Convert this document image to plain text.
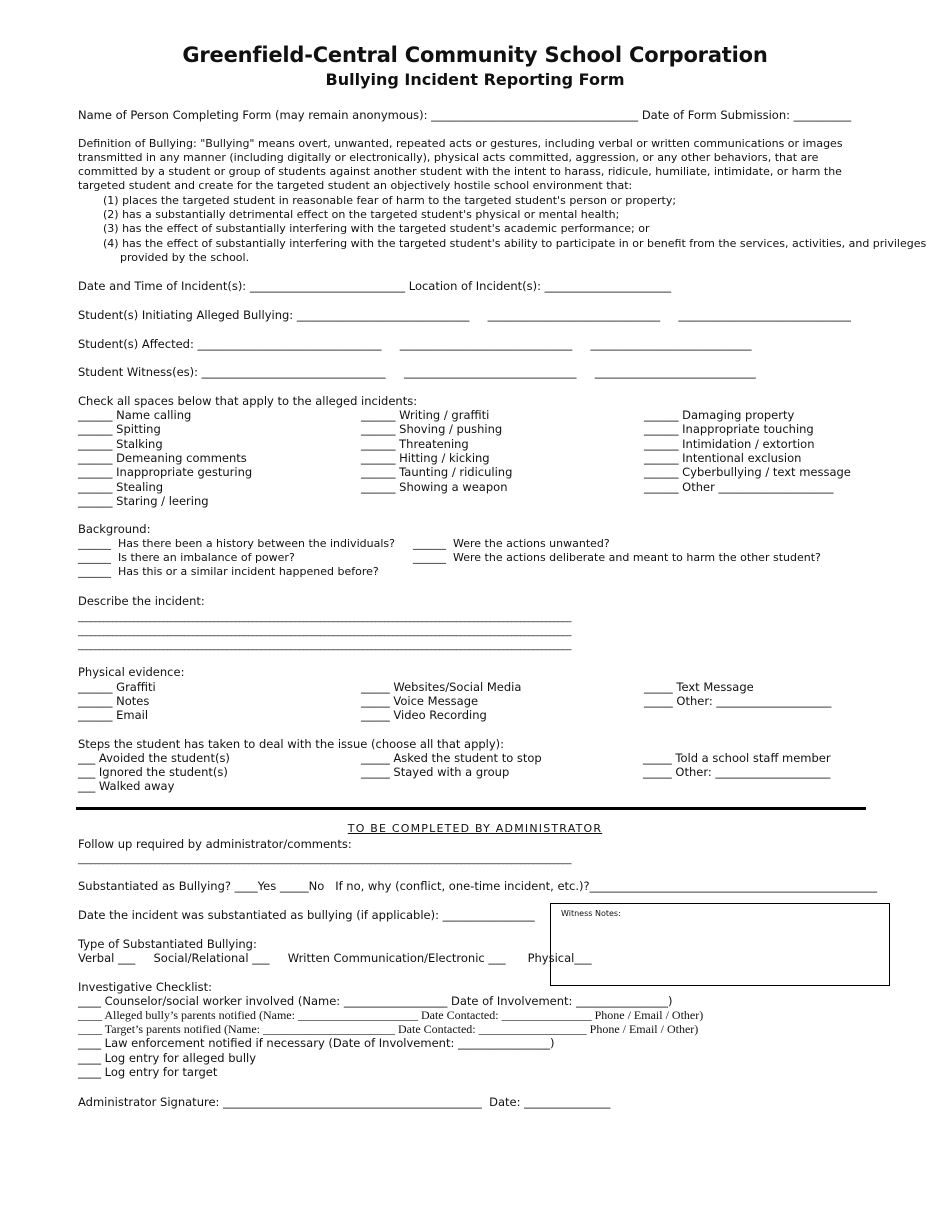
Greenfield-Central Community School Corporation
Bullying Incident Reporting Form
Name of Person Completing Form (may remain anonymous): ____________________________________ Date of Form Submission: __________
Definition of Bullying: "Bullying" means overt, unwanted, repeated acts or gestures, including verbal or written communications or images transmitted in any manner (including digitally or electronically), physical acts committed, aggression, or any other behaviors, that are committed by a student or group of students against another student with the intent to harass, ridicule, humiliate, intimidate, or harm the targeted student and create for the targeted student an objectively hostile school environment that:
(1) places the targeted student in reasonable fear of harm to the targeted student's person or property;
(2) has a substantially detrimental effect on the targeted student's physical or mental health;
(3) has the effect of substantially interfering with the targeted student's academic performance; or
(4) has the effect of substantially interfering with the targeted student's ability to participate in or benefit from the services, activities, and privileges
provided by the school.
Date and Time of Incident(s): ___________________________ Location of Incident(s): ______________________
Student(s) Initiating Alleged Bullying: ______________________________     ______________________________     ______________________________
Student(s) Affected: ________________________________     ______________________________     ____________________________
Student Witness(es): ________________________________     ______________________________     ____________________________
Check all spaces below that apply to the alleged incidents:
______ Name calling
______ Spitting
______ Stalking
______ Demeaning comments
______ Inappropriate gesturing
______ Stealing
______ Staring / leering
______ Writing / graffiti
______ Shoving / pushing
______ Threatening
______ Hitting / kicking
______ Taunting / ridiculing
______ Showing a weapon
______ Damaging property
______ Inappropriate touching
______ Intimidation / extortion
______ Intentional exclusion
______ Cyberbullying / text message
______ Other ____________________
Background:
______  Has there been a history between the individuals?
______  Is there an imbalance of power?
______  Has this or a similar incident happened before?
______  Were the actions unwanted?
______  Were the actions deliberate and meant to harm the other student?
Describe the incident:
____________________________________________________________________________________________________________________
____________________________________________________________________________________________________________________
____________________________________________________________________________________________________________________
Physical evidence:
______ Graffiti
______ Notes
______ Email
_____ Websites/Social Media
_____ Voice Message
_____ Video Recording
_____ Text Message
_____ Other: ____________________
Steps the student has taken to deal with the issue (choose all that apply):
___ Avoided the student(s)
___ Ignored the student(s)
___ Walked away
_____ Asked the student to stop
_____ Stayed with a group
_____ Told a school staff member
_____ Other: ____________________
TO BE COMPLETED BY ADMINISTRATOR
Follow up required by administrator/comments:
____________________________________________________________________________________________________________________
Substantiated as Bullying? ____Yes _____No   If no, why (conflict, one-time incident, etc.)?__________________________________________________
Date the incident was substantiated as bullying (if applicable): ________________	Witness Notes:
Type of Substantiated Bullying:
Verbal ___     Social/Relational ___     Written Communication/Electronic ___      Physical___
Investigative Checklist:
____ Counselor/social worker involved (Name: __________________ Date of Involvement: ________________)
____ Alleged bully’s parents notified (Name: ____________________ Date Contacted: _______________ Phone / Email / Other)
____ Target’s parents notified (Name: ______________________ Date Contacted: __________________ Phone / Email / Other)
____ Law enforcement notified if necessary (Date of Involvement: ________________)
____ Log entry for alleged bully
____ Log entry for target
Administrator Signature: _____________________________________________  Date: _______________
